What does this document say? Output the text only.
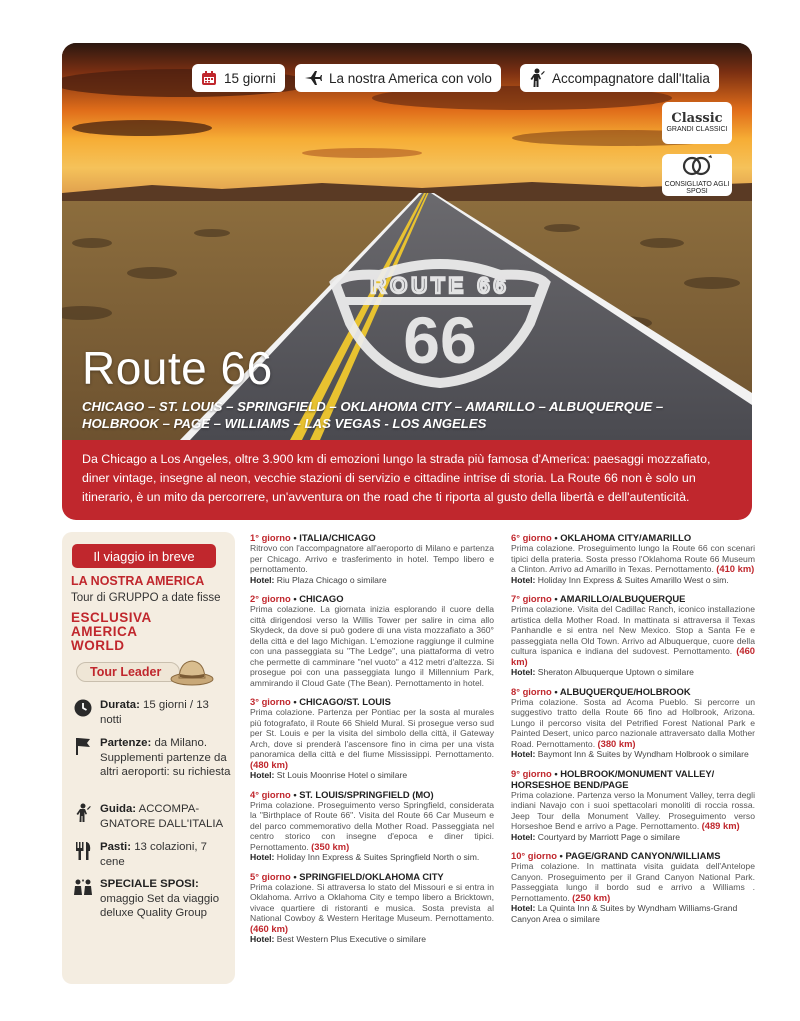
ROUTE 66
66
15 giorni	La nostra America con volo	Accompagnatore dall'Italia
Classic
GRANDI CLASSICI
CONSIGLIATO AGLI SPOSI
Route 66
CHICAGO – ST. LOUIS – SPRINGFIELD – OKLAHOMA CITY – AMARILLO – ALBUQUERQUE – HOLBROOK – PAGE – WILLIAMS – LAS VEGAS - LOS ANGELES
Da Chicago a Los Angeles, oltre 3.900 km di emozioni lungo la strada più famosa d'America: paesaggi mozzafiato, diner vintage, insegne al neon, vecchie stazioni di servizio e cittadine intrise di storia. La Route 66 non è solo un itinerario, è un mito da percorrere, un'avventura on the road che ti riporta al gusto della libertà e dell'autenticità.
Il viaggio in breve
LA NOSTRA AMERICA
Tour di GRUPPO a date fisse
ESCLUSIVA AMERICA WORLD
Tour Leader
Durata: 15 giorni / 13 notti
Partenze: da Milano. Supplementi partenze da altri aeroporti: su richiesta
Guida: ACCOMPA- GNATORE DALL'ITALIA
Pasti: 13 colazioni, 7 cene
SPECIALE SPOSI: omaggio Set da viaggio deluxe Quality Group
1° giorno • ITALIA/CHICAGO
Ritrovo con l'accompagnatore all'aeroporto di Milano e partenza per Chicago. Arrivo e trasferimento in hotel. Tempo libero e pernottamento.
Hotel: Riu Plaza Chicago o similare
2° giorno • CHICAGO
Prima colazione. La giornata inizia esplorando il cuore della città dirigendosi verso la Willis Tower per salire in cima allo Skydeck, da dove si può godere di una vista mozzafiato a 360° della città e del lago Michigan. L'emozione raggiunge il culmine con una passeggiata su "The Ledge", una piattaforma di vetro che permette di camminare "nel vuoto" a 412 metri d'altezza. Si prosegue poi con una passeggiata lungo il Millennium Park, ammirando il Cloud Gate (The Bean). Pernottamento in hotel.
3° giorno • CHICAGO/ST. LOUIS
Prima colazione. Partenza per Pontiac per la sosta al murales più fotografato, il Route 66 Shield Mural. Si prosegue verso sud per St. Louis e per la visita del simbolo della città, il Gateway Arch, dove si prenderà l'ascensore fino in cima per una vista panoramica della città e del fiume Mississippi. Pernottamento. (480 km)
Hotel: St Louis Moonrise Hotel o similare
4° giorno • ST. LOUIS/SPRINGFIELD (MO)
Prima colazione. Proseguimento verso Springfield, considerata la "Birthplace of Route 66". Visita del Route 66 Car Museum e del parco commemorativo della Mother Road. Passeggiata nel centro storico con insegne d'epoca e diner tipici. Pernottamento. (350 km)
Hotel: Holiday Inn Express & Suites Springfield North o sim.
5° giorno • SPRINGFIELD/OKLAHOMA CITY
Prima colazione. Si attraversa lo stato del Missouri e si entra in Oklahoma. Arrivo a Oklahoma City e tempo libero a Bricktown, vivace quartiere di ristoranti e musica. Sosta prevista al National Cowboy & Western Heritage Museum. Pernottamento. (460 km)
Hotel: Best Western Plus Executive o similare
6° giorno • OKLAHOMA CITY/AMARILLO
Prima colazione. Proseguimento lungo la Route 66 con scenari tipici della prateria. Sosta presso l'Oklahoma Route 66 Museum a Clinton. Arrivo ad Amarillo in Texas. Pernottamento. (410 km)
Hotel: Holiday Inn Express & Suites Amarillo West o sim.
7° giorno • AMARILLO/ALBUQUERQUE
Prima colazione. Visita del Cadillac Ranch, iconico installazione artistica della Mother Road. In mattinata si attraversa il Texas Panhandle e si entra nel New Mexico. Stop a Santa Fe e passeggiata nella Old Town. Arrivo ad Albuquerque, cuore della cultura ispanica e indiana del sudovest. Pernottamento. (460 km)
Hotel: Sheraton Albuquerque Uptown o similare
8° giorno • ALBUQUERQUE/HOLBROOK
Prima colazione. Sosta ad Acoma Pueblo. Si percorre un suggestivo tratto della Route 66 fino ad Holbrook, Arizona. Lungo il percorso visita del Petrified Forest National Park e Painted Desert, unico parco nazionale attraversato dalla Mother Road. Pernottamento. (380 km)
Hotel: Baymont Inn & Suites by Wyndham Holbrook o similare
9° giorno • HOLBROOK/MONUMENT VALLEY/ HORSESHOE BEND/PAGE
Prima colazione. Partenza verso la Monument Valley, terra degli indiani Navajo con i suoi spettacolari monoliti di roccia rossa. Jeep Tour della Monument Valley. Proseguimento verso Horseshoe Bend e arrivo a Page. Pernottamento. (489 km)
Hotel: Courtyard by Marriott Page o similare
10° giorno • PAGE/GRAND CANYON/WILLIAMS
Prima colazione. In mattinata visita guidata dell'Antelope Canyon. Proseguimento per il Grand Canyon National Park. Passeggiata lungo il bordo sud e arrivo a Williams . Pernottamento. (250 km)
Hotel: La Quinta Inn & Suites by Wyndham Williams-Grand Canyon Area o similare
